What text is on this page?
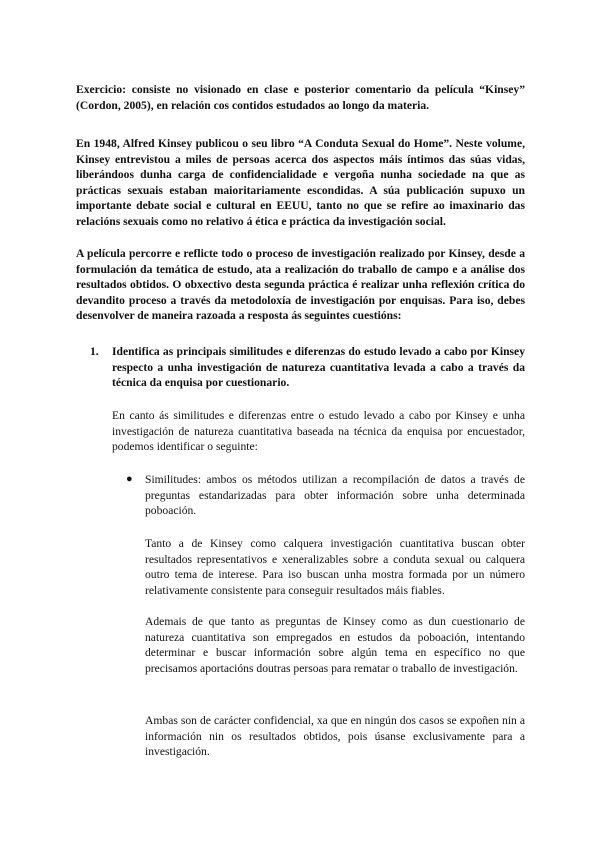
Exercicio: consiste no visionado en clase e posterior comentario da película “Kinsey” (Cordon, 2005), en relación cos contidos estudados ao longo da materia.

En 1948, Alfred Kinsey publicou o seu libro “A Conduta Sexual do Home”. Neste volume, Kinsey entrevistou a miles de persoas acerca dos aspectos máis íntimos das súas vidas, liberándoos dunha carga de confidencialidade e vergoña nunha sociedade na que as prácticas sexuais estaban maioritariamente escondidas. A súa publicación supuxo un importante debate social e cultural en EEUU, tanto no que se refire ao imaxinario das relacións sexuais como no relativo á ética e práctica da investigación social.

A película percorre e reflicte todo o proceso de investigación realizado por Kinsey, desde a formulación da temática de estudo, ata a realización do traballo de campo e a análise dos resultados obtidos. O obxectivo desta segunda práctica é realizar unha reflexión crítica do devandito proceso a través da metodoloxía de investigación por enquisas. Para iso, debes desenvolver de maneira razoada a resposta ás seguintes cuestións:

1. Identifica as principais similitudes e diferenzas do estudo levado a cabo por Kinsey respecto a unha investigación de natureza cuantitativa levada a cabo a través da técnica da enquisa por cuestionario.

En canto ás similitudes e diferenzas entre o estudo levado a cabo por Kinsey e unha investigación de natureza cuantitativa baseada na técnica da enquisa por encuestador, podemos identificar o seguinte:

● Similitudes: ambos os métodos utilizan a recompilación de datos a través de preguntas estandarizadas para obter información sobre unha determinada poboación.

Tanto a de Kinsey como calquera investigación cuantitativa buscan obter resultados representativos e xeneralizables sobre a conduta sexual ou calquera outro tema de interese. Para iso buscan unha mostra formada por un número relativamente consistente para conseguir resultados máis fiables.

Ademais de que tanto as preguntas de Kinsey como as dun cuestionario de natureza cuantitativa son empregados en estudos da poboación, intentando determinar e buscar información sobre algún tema en específico no que precisamos aportacións doutras persoas para rematar o traballo de investigación.

Ambas son de carácter confidencial, xa que en ningún dos casos se expoñen nin a información nin os resultados obtidos, pois úsanse exclusivamente para a investigación.
